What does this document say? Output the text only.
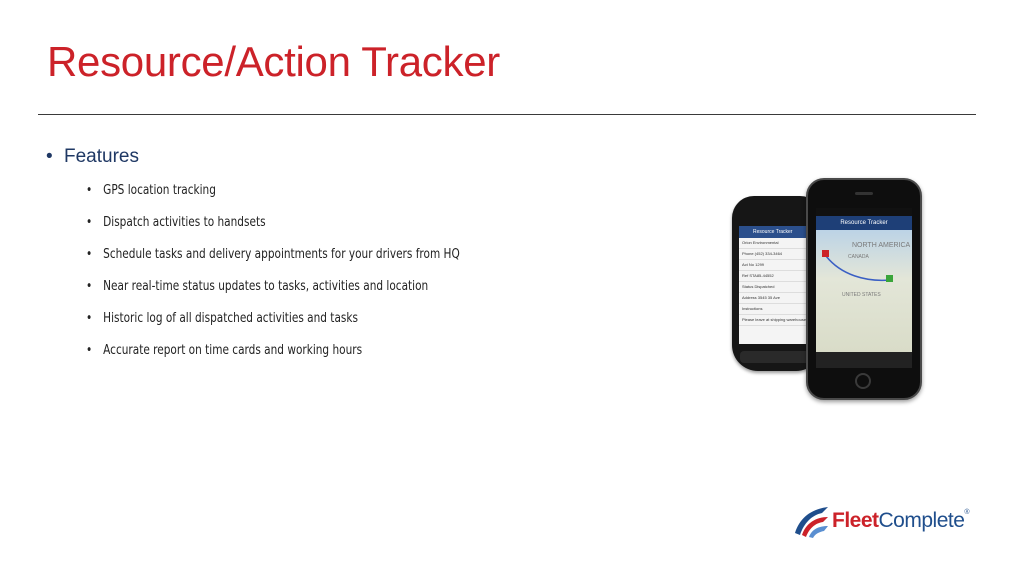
Resource/Action Tracker
• Features
• GPS location tracking
• Dispatch activities to handsets
• Schedule tasks and delivery appointments for your drivers from HQ
• Near real-time status updates to tasks, activities and location
• Historic log of all dispatched activities and tasks
• Accurate report on time cards and working hours
Resource Tracker
Orion Environmental
Phone (452) 334-3464
Act No 1299
Ref STA85-44552
Status Dispatched
Address 3545 35 Ave
Instructions
Please leave at shipping warehouse
Resource Tracker
NORTH AMERICA
CANADA
UNITED STATES
FleetComplete®
